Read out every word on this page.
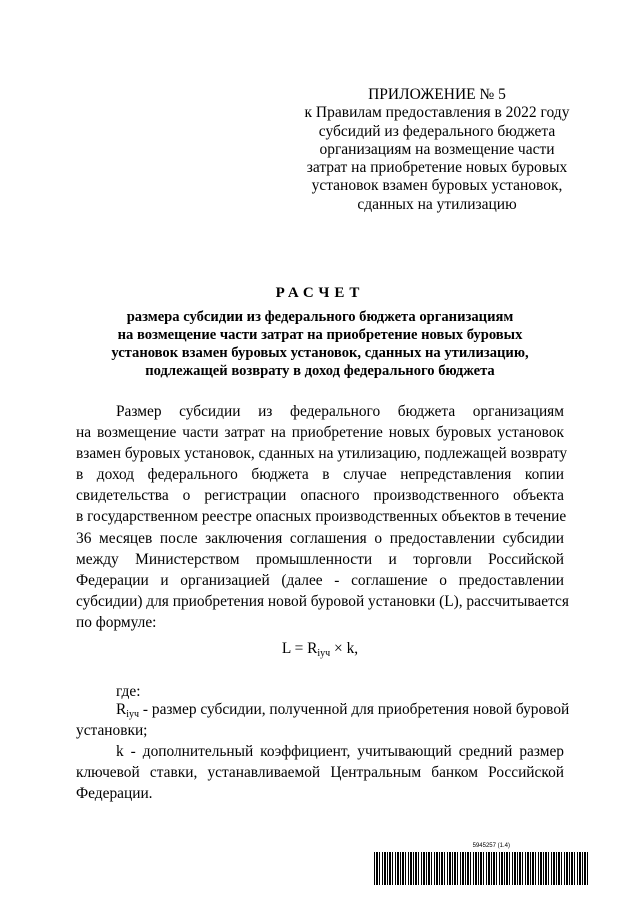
ПРИЛОЖЕНИЕ № 5
к Правилам предоставления в 2022 году
субсидий из федерального бюджета
организациям на возмещение части
затрат на приобретение новых буровых
установок взамен буровых установок,
сданных на утилизацию
РАСЧЕТ
размера субсидии из федерального бюджета организациям
на возмещение части затрат на приобретение новых буровых
установок взамен буровых установок, сданных на утилизацию,
подлежащей возврату в доход федерального бюджета
Размер субсидии из федерального бюджета организациям
на возмещение части затрат на приобретение новых буровых установок
взамен буровых установок, сданных на утилизацию, подлежащей возврату
в доход федерального бюджета в случае непредставления копии
свидетельства о регистрации опасного производственного объекта
в государственном реестре опасных производственных объектов в течение
36 месяцев после заключения соглашения о предоставлении субсидии
между Министерством промышленности и торговли Российской
Федерации и организацией (далее - соглашение о предоставлении
субсидии) для приобретения новой буровой установки (L), рассчитывается
по формуле:
$L = R_{iуч} \times k$,
где:
$R_{iуч}$ - размер субсидии, полученной для приобретения новой буровой
установки;
k - дополнительный коэффициент, учитывающий средний размер
ключевой ставки, устанавливаемой Центральным банком Российской
Федерации.
5945257 (1.4)
